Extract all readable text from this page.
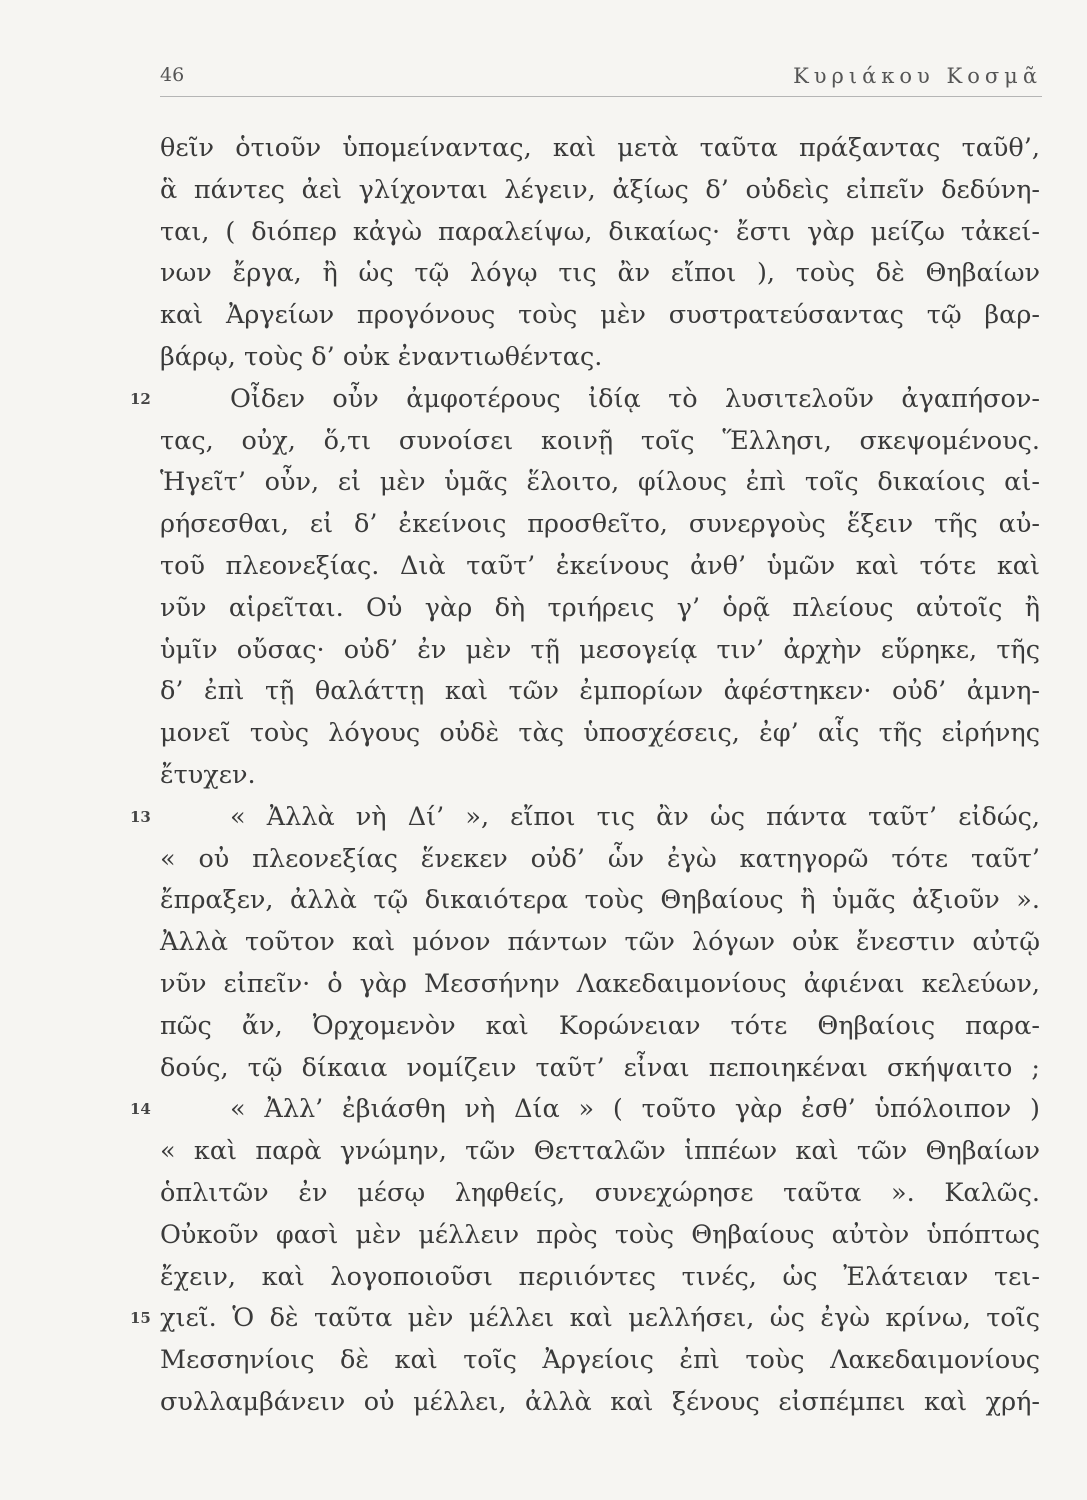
46	Κυριάκου Κοσμᾶ
θεῖν ὁτιοῦν ὑπομείναντας, καὶ μετὰ ταῦτα πράξαντας ταῦθ’,
ἃ πάντες ἀεὶ γλίχονται λέγειν, ἀξίως δ’ οὐδεὶς εἰπεῖν δεδύνη-
ται, ( διόπερ κἀγὼ παραλείψω, δικαίως· ἔστι γὰρ μείζω τἀκεί-
νων ἔργα, ἢ ὡς τῷ λόγῳ τις ἂν εἴποι ), τοὺς δὲ Θηβαίων
καὶ Ἀργείων προγόνους τοὺς μὲν συστρατεύσαντας τῷ βαρ-
βάρῳ, τοὺς δ’ οὐκ ἐναντιωθέντας.
12	Οἶδεν οὖν ἀμφοτέρους ἰδίᾳ τὸ λυσιτελοῦν ἀγαπήσον-
τας, οὐχ, ὅ,τι συνοίσει κοινῇ τοῖς Ἕλλησι, σκεψομένους.
Ἡγεῖτ’ οὖν, εἰ μὲν ὑμᾶς ἕλοιτο, φίλους ἐπὶ τοῖς δικαίοις αἱ-
ρήσεσθαι, εἰ δ’ ἐκείνοις προσθεῖτο, συνεργοὺς ἕξειν τῆς αὐ-
τοῦ πλεονεξίας. Διὰ ταῦτ’ ἐκείνους ἀνθ’ ὑμῶν καὶ τότε καὶ
νῦν αἱρεῖται. Οὐ γὰρ δὴ τριήρεις γ’ ὁρᾷ πλείους αὐτοῖς ἢ
ὑμῖν οὔσας· οὐδ’ ἐν μὲν τῇ μεσογείᾳ τιν’ ἀρχὴν εὕρηκε, τῆς
δ’ ἐπὶ τῇ θαλάττῃ καὶ τῶν ἐμπορίων ἀφέστηκεν· οὐδ’ ἀμνη-
μονεῖ τοὺς λόγους οὐδὲ τὰς ὑποσχέσεις, ἐφ’ αἷς τῆς εἰρήνης
ἔτυχεν.
13	« Ἀλλὰ νὴ Δί’ », εἴποι τις ἂν ὡς πάντα ταῦτ’ εἰδώς,
« οὐ πλεονεξίας ἕνεκεν οὐδ’ ὧν ἐγὼ κατηγορῶ τότε ταῦτ’
ἔπραξεν, ἀλλὰ τῷ δικαιότερα τοὺς Θηβαίους ἢ ὑμᾶς ἀξιοῦν ».
Ἀλλὰ τοῦτον καὶ μόνον πάντων τῶν λόγων οὐκ ἔνεστιν αὐτῷ
νῦν εἰπεῖν· ὁ γὰρ Μεσσήνην Λακεδαιμονίους ἀφιέναι κελεύων,
πῶς ἄν, Ὀρχομενὸν καὶ Κορώνειαν τότε Θηβαίοις παρα-
δούς, τῷ δίκαια νομίζειν ταῦτ’ εἶναι πεποιηκέναι σκήψαιτο ;
14	« Ἀλλ’ ἐβιάσθη νὴ Δία » ( τοῦτο γὰρ ἐσθ’ ὑπόλοιπον )
« καὶ παρὰ γνώμην, τῶν Θετταλῶν ἱππέων καὶ τῶν Θηβαίων
ὁπλιτῶν ἐν μέσῳ ληφθείς, συνεχώρησε ταῦτα ». Καλῶς.
Οὐκοῦν φασὶ μὲν μέλλειν πρὸς τοὺς Θηβαίους αὐτὸν ὑπόπτως
ἔχειν, καὶ λογοποιοῦσι περιιόντες τινές, ὡς Ἐλάτειαν τει-
15 χιεῖ. Ὁ δὲ ταῦτα μὲν μέλλει καὶ μελλήσει, ὡς ἐγὼ κρίνω, τοῖς
Μεσσηνίοις δὲ καὶ τοῖς Ἀργείοις ἐπὶ τοὺς Λακεδαιμονίους
συλλαμβάνειν οὐ μέλλει, ἀλλὰ καὶ ξένους εἰσπέμπει καὶ χρή-
